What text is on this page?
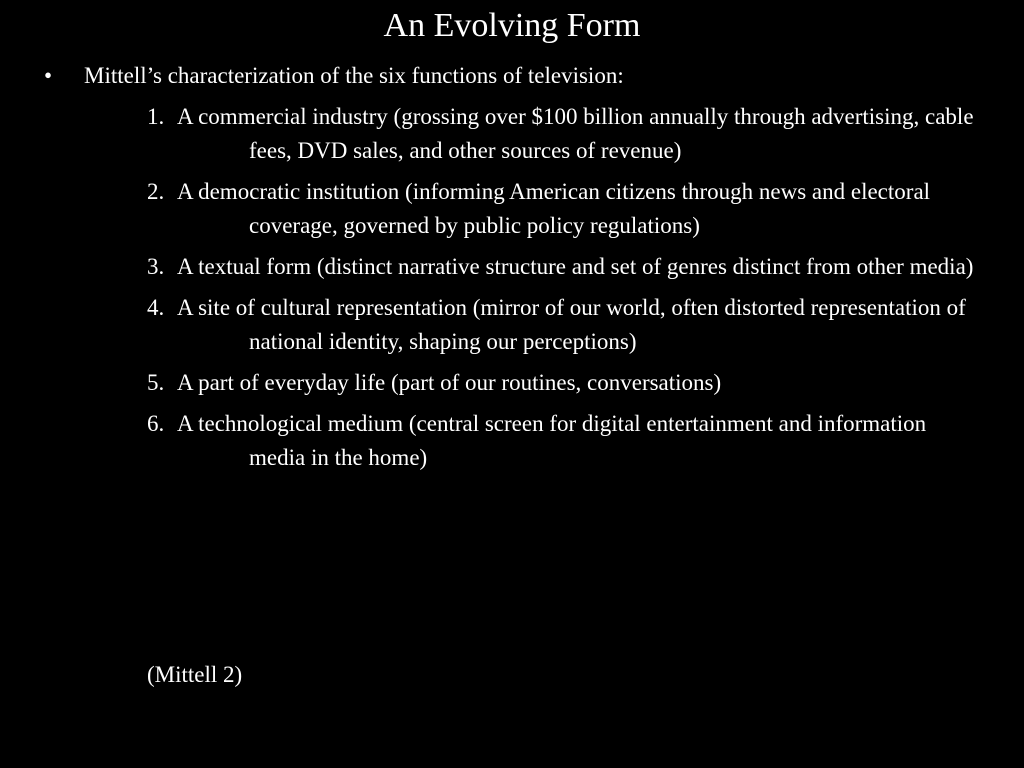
An Evolving Form
•	Mittell’s characterization of the six functions of television:
1. A commercial industry (grossing over $100 billion annually through advertising, cable fees, DVD sales, and other sources of revenue)
2. A democratic institution (informing American citizens through news and electoral coverage, governed by public policy regulations)
3. A textual form (distinct narrative structure and set of genres distinct from other media)
4. A site of cultural representation (mirror of our world, often distorted representation of national identity, shaping our perceptions)
5. A part of everyday life (part of our routines, conversations)
6. A technological medium (central screen for digital entertainment and information media in the home)
(Mittell 2)
